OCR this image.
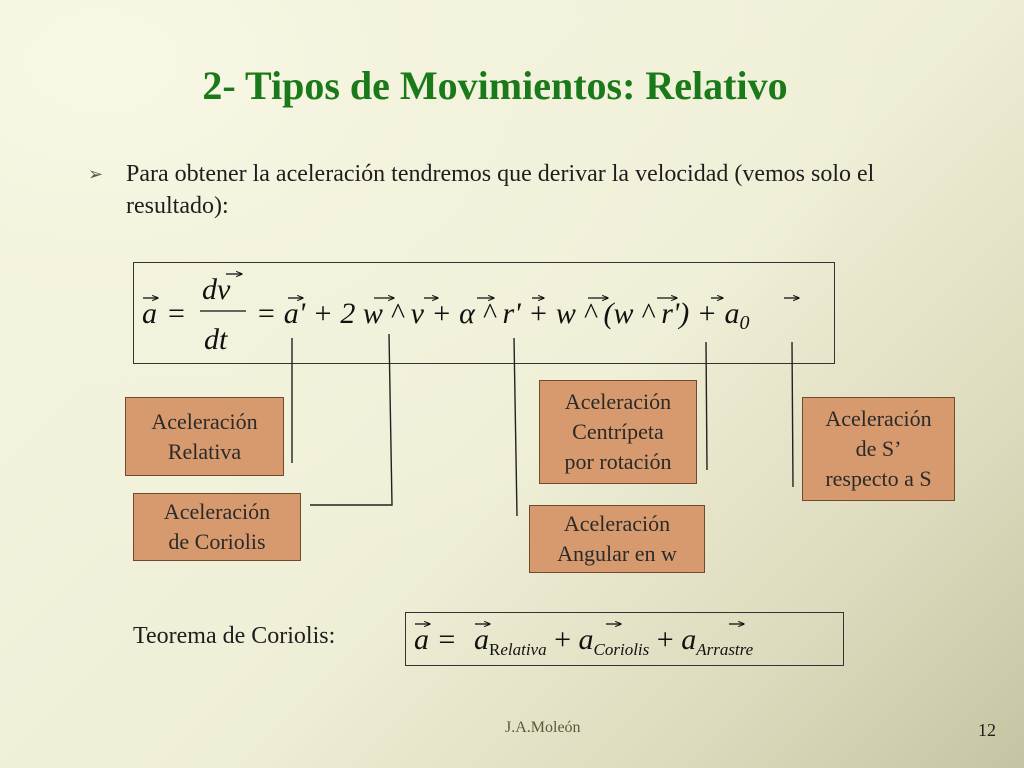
2- Tipos de Movimientos: Relativo
➢ Para obtener la aceleración tendremos que derivar la velocidad (vemos solo el resultado):
a =
dv
dt
= a' + 2 w ^ v + α ^ r' + w ^ (w ^ $r') + a_0$
Aceleración
Relativa
Aceleración
de Coriolis
Aceleración
Centrípeta
por rotación
Aceleración
Angular en w
Aceleración
de S’
respecto a S
Teorema de Coriolis:	$a = a_Relativa + a_{Coriolis} + a_{Arrastre}$
J.A.Moleón	12
